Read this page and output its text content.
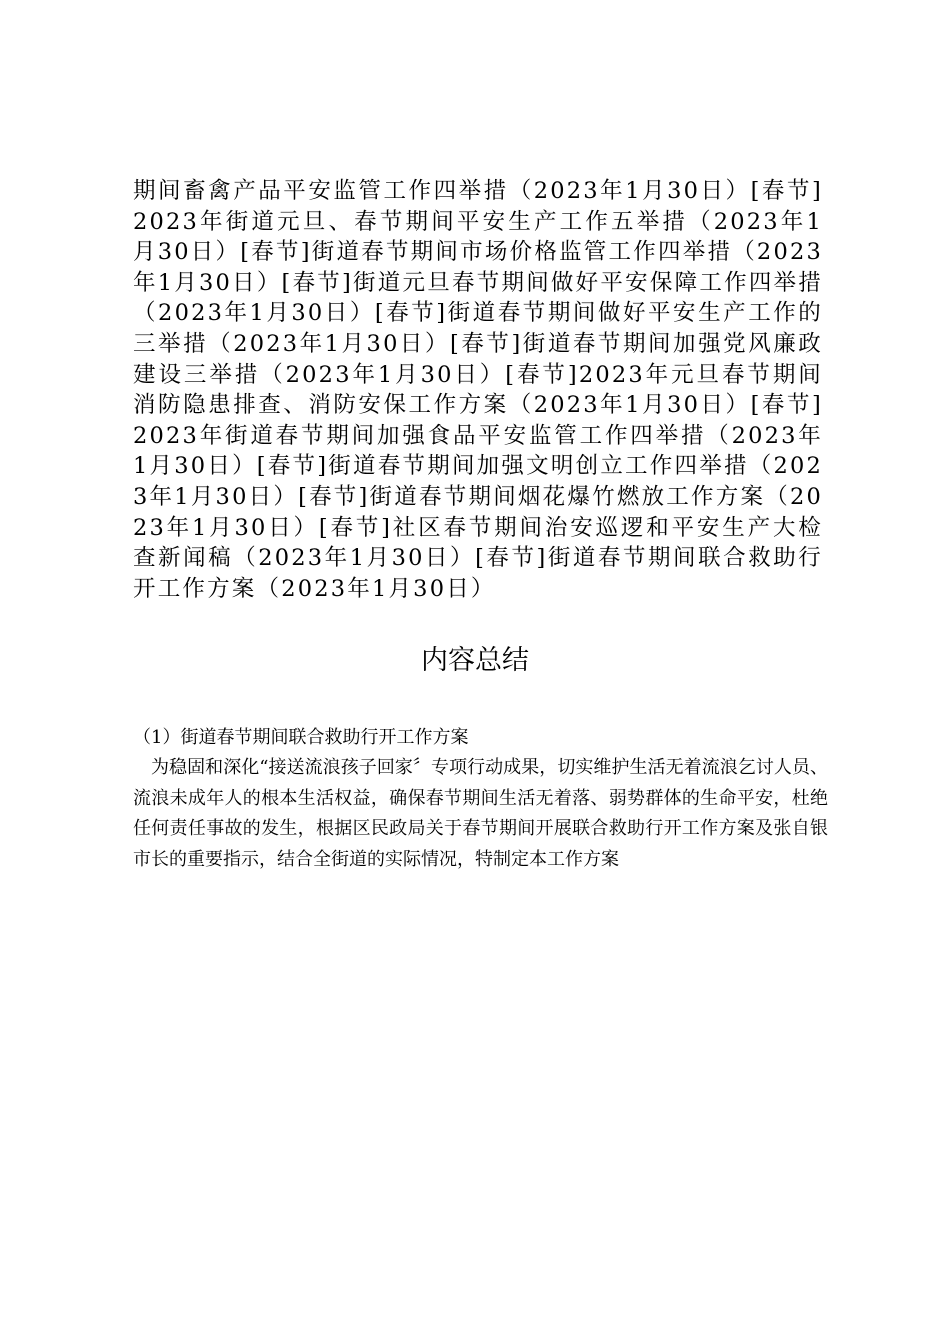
期间畜禽产品平安监管工作四举措（2023年1月30日）[春节]2023年街道元旦、春节期间平安生产工作五举措（2023年1月30日）[春节]街道春节期间市场价格监管工作四举措（2023年1月30日）[春节]街道元旦春节期间做好平安保障工作四举措（2023年1月30日）[春节]街道春节期间做好平安生产工作的三举措（2023年1月30日）[春节]街道春节期间加强党风廉政建设三举措（2023年1月30日）[春节]2023年元旦春节期间消防隐患排查、消防安保工作方案（2023年1月30日）[春节]2023年街道春节期间加强食品平安监管工作四举措（2023年1月30日）[春节]街道春节期间加强文明创立工作四举措（2023年1月30日）[春节]街道春节期间烟花爆竹燃放工作方案（2023年1月30日）[春节]社区春节期间治安巡逻和平安生产大检查新闻稿（2023年1月30日）[春节]街道春节期间联合救助行开工作方案（2023年1月30日）

内容总结

（1）街道春节期间联合救助行开工作方案

为稳固和深化“接送流浪孩子回家〞专项行动成果，切实维护生活无着流浪乞讨人员、流浪未成年人的根本生活权益，确保春节期间生活无着落、弱势群体的生命平安，杜绝任何责任事故的发生，根据区民政局关于春节期间开展联合救助行开工作方案及张自银市长的重要指示，结合全街道的实际情况，特制定本工作方案
